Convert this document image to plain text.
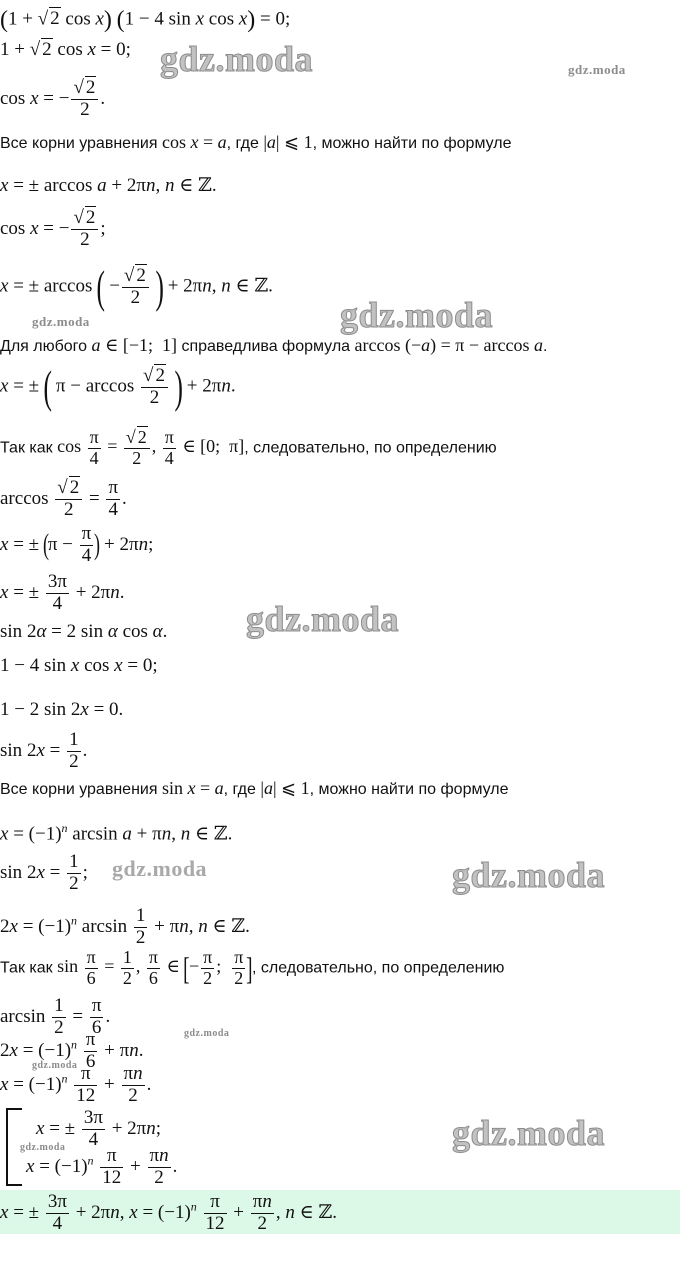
(1 + √ 2 cos x) (1 − 4 sin x cos x) = 0;
1 + √ 2 cos x = 0;
cos x = − $\frac{√ 2}{2}$ .
Все корни уравнения cos x = a, где |a| ⩽ 1, можно найти по формуле
x = ± arccos a + 2πn, n ∈ ℤ.
cos x = − $\frac{√ 2}{2}$ ;
x = ± arccos ( − $\frac{√ 2}{2}$ ) + 2πn, n ∈ ℤ.
Для любого a ∈ [−1;  1] справедлива формула arccos (−a) = π − arccos a.
x = ± ( $\pi - \arccos \frac{√ 2}{2}$ ) + 2πn.
Так как $\cos \frac{\pi}{4} = \frac{√ 2}{2}$ , $\frac{\pi}{4}$ ∈ [0;  π], следовательно, по определению
$\arccos \frac{√ 2}{2} = \frac{\pi}{4}$ .
x = ± ($\pi - \frac{\pi}{4}$ ) + 2πn;
x = ± $\frac{3\pi}{4} + 2\pi n$.
sin 2α = 2 sin α cos α.
1 − 4 sin x cos x = 0;
1 − 2 sin 2x = 0.
$\sin 2x = \frac{1}{2}$ .
Все корни уравнения sin x = a, где |a| ⩽ 1, можно найти по формуле
$x = (-1)^n$ arcsin a + πn, n ∈ ℤ.
$\sin 2x = \frac{1}{2}$ ;
$2x = (-1)^n$ $\arcsin \frac{1}{2} + \pi n$, n ∈ ℤ.
Так как $\sin \frac{\pi}{6} = \frac{1}{2}$ , $\frac{\pi}{6}$ ∈ [− $\frac{\pi}{2}$ ; $\frac{\pi}{2}$ ], следовательно, по определению
$\arcsin \frac{1}{2} = \frac{\pi}{6}$ .
$2x = (-1)^n \frac{\pi}{6} + \pi n$.
$x = (-1)^n \frac{\pi}{12} + \frac{\pi n}{2}$ .
x = ± $\frac{3\pi}{4} + 2\pi n$;
$x = (-1)^n \frac{\pi}{12} + \frac{\pi n}{2}$ .
x = ± $\frac{3\pi}{4} + 2\pi n$, $x = (-1)^n \frac{\pi}{12} + \frac{\pi n}{2}$ , n ∈ ℤ.
gdz.moda	gdz.moda
gdz.moda
gdz.moda
gdz.moda
gdz.moda	gdz.moda
gdz.moda
gdz.moda
gdz.moda
gdz.moda
